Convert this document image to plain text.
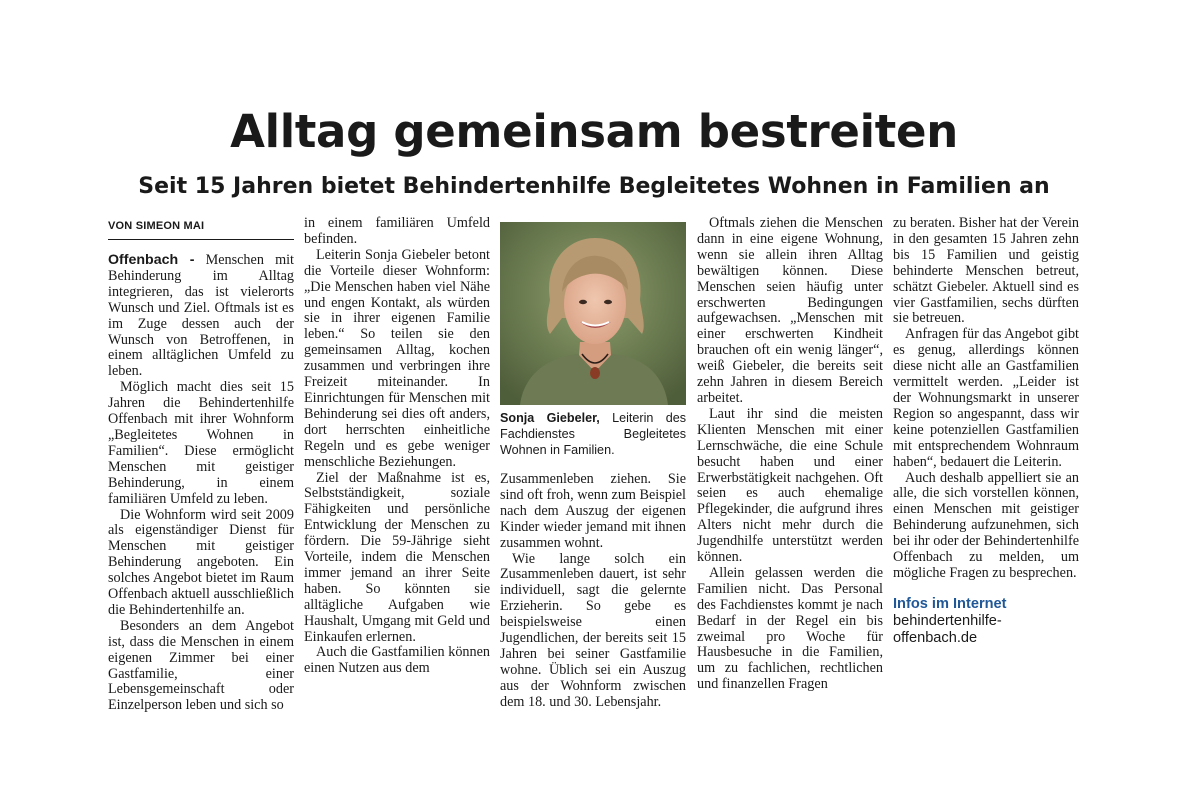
Alltag gemeinsam bestreiten
Seit 15 Jahren bietet Behindertenhilfe Begleitetes Wohnen in Familien an
VON SIMEON MAI

Offenbach - Menschen mit Behinderung im Alltag integrieren, das ist vielerorts Wunsch und Ziel. Oftmals ist es im Zuge dessen auch der Wunsch von Betroffenen, in einem alltäglichen Umfeld zu leben.

Möglich macht dies seit 15 Jahren die Behindertenhilfe Offenbach mit ihrer Wohnform „Begleitetes Wohnen in Familien“. Diese ermöglicht Menschen mit geistiger Behinderung, in einem familiären Umfeld zu leben.

Die Wohnform wird seit 2009 als eigenständiger Dienst für Menschen mit geistiger Behinderung angeboten. Ein solches Angebot bietet im Raum Offenbach aktuell ausschließlich die Behindertenhilfe an.

Besonders an dem Angebot ist, dass die Menschen in einem eigenen Zimmer bei einer Gastfamilie, einer Lebensgemeinschaft oder Einzelperson leben und sich so

in einem familiären Umfeld befinden.

Leiterin Sonja Giebeler betont die Vorteile dieser Wohnform: „Die Menschen haben viel Nähe und engen Kontakt, als würden sie in ihrer eigenen Familie leben.“ So teilen sie den gemeinsamen Alltag, kochen zusammen und verbringen ihre Freizeit miteinander. In Einrichtungen für Menschen mit Behinderung sei dies oft anders, dort herrschten einheitliche Regeln und es gebe weniger menschliche Beziehungen.

Ziel der Maßnahme ist es, Selbstständigkeit, soziale Fähigkeiten und persönliche Entwicklung der Menschen zu fördern. Die 59-Jährige sieht Vorteile, indem die Menschen immer jemand an ihrer Seite haben. So könnten sie alltägliche Aufgaben wie Haushalt, Umgang mit Geld und Einkaufen erlernen.

Auch die Gastfamilien können einen Nutzen aus dem

Sonja Giebeler, Leiterin des Fachdienstes Begleitetes Wohnen in Familien.

Zusammenleben ziehen. Sie sind oft froh, wenn zum Beispiel nach dem Auszug der eigenen Kinder wieder jemand mit ihnen zusammen wohnt.

Wie lange solch ein Zusammenleben dauert, ist sehr individuell, sagt die gelernte Erzieherin. So gebe es beispielsweise einen Jugendlichen, der bereits seit 15 Jahren bei seiner Gastfamilie wohne. Üblich sei ein Auszug aus der Wohnform zwischen dem 18. und 30. Lebensjahr.

Oftmals ziehen die Menschen dann in eine eigene Wohnung, wenn sie allein ihren Alltag bewältigen können. Diese Menschen seien häufig unter erschwerten Bedingungen aufgewachsen. „Menschen mit einer erschwerten Kindheit brauchen oft ein wenig länger“, weiß Giebeler, die bereits seit zehn Jahren in diesem Bereich arbeitet.

Laut ihr sind die meisten Klienten Menschen mit einer Lernschwäche, die eine Schule besucht haben und einer Erwerbstätigkeit nachgehen. Oft seien es auch ehemalige Pflegekinder, die aufgrund ihres Alters nicht mehr durch die Jugendhilfe unterstützt werden können.

Allein gelassen werden die Familien nicht. Das Personal des Fachdienstes kommt je nach Bedarf in der Regel ein bis zweimal pro Woche für Hausbesuche in die Familien, um zu fachlichen, rechtlichen und finanzellen Fragen

zu beraten. Bisher hat der Verein in den gesamten 15 Jahren zehn bis 15 Familien und geistig behinderte Menschen betreut, schätzt Giebeler. Aktuell sind es vier Gastfamilien, sechs dürften sie betreuen.

Anfragen für das Angebot gibt es genug, allerdings können diese nicht alle an Gastfamilien vermittelt werden. „Leider ist der Wohnungsmarkt in unserer Region so angespannt, dass wir keine potenziellen Gastfamilien mit entsprechendem Wohnraum haben“, bedauert die Leiterin.

Auch deshalb appelliert sie an alle, die sich vorstellen können, einen Menschen mit geistiger Behinderung aufzunehmen, sich bei ihr oder der Behindertenhilfe Offenbach zu melden, um mögliche Fragen zu besprechen.

Infos im Internet
behindertenhilfe-
offenbach.de
